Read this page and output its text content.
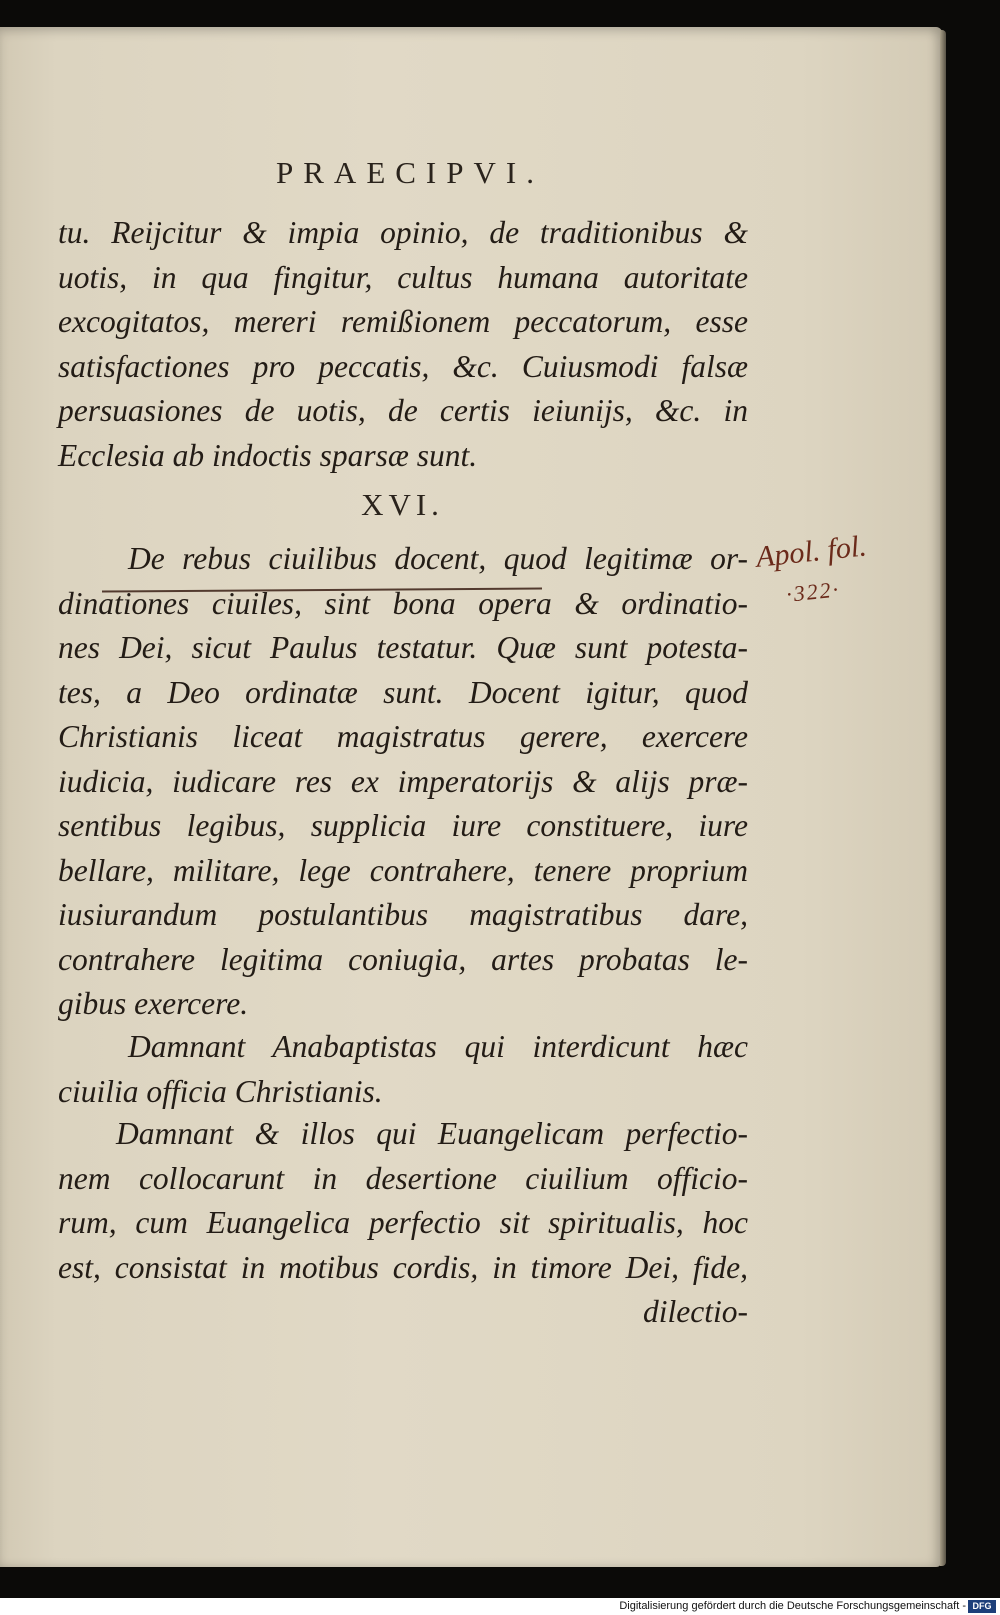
PRAECIPVI.
tu. Reijcitur & impia opinio, de traditionibus &
uotis, in qua fingitur, cultus humana autoritate
excogitatos, mereri remißionem peccatorum, esse
satisfactiones pro peccatis, &c. Cuiusmodi falsæ
persuasiones de uotis, de certis ieiunijs, &c. in
Ecclesia ab indoctis sparsæ sunt.
XVI.
De rebus ciuilibus docent, quod legitimæ or-
dinationes ciuiles, sint bona opera & ordinatio-
nes Dei, sicut Paulus testatur. Quæ sunt potesta-
tes, a Deo ordinatæ sunt. Docent igitur, quod
Christianis liceat magistratus gerere, exercere
iudicia, iudicare res ex imperatorijs & alijs præ-
sentibus legibus, supplicia iure constituere, iure
bellare, militare, lege contrahere, tenere proprium
iusiurandum postulantibus magistratibus dare,
contrahere legitima coniugia, artes probatas le-
gibus exercere.
Damnant Anabaptistas qui interdicunt hæc
ciuilia officia Christianis.
Damnant & illos qui Euangelicam perfectio-
nem collocarunt in desertione ciuilium officio-
rum, cum Euangelica perfectio sit spiritualis, hoc
est, consistat in motibus cordis, in timore Dei, fide,
dilectio-
Apol. fol.
·322·
Digitalisierung gefördert durch die Deutsche Forschungsgemeinschaft - DFG
